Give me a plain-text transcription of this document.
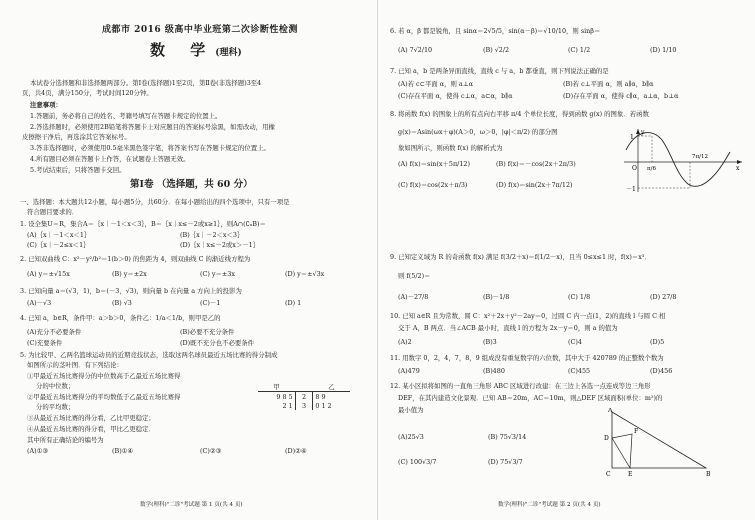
成都市 2016 级高中毕业班第二次诊断性检测
数 学(理科)
本试卷分选择题和非选择题两部分。第Ⅰ卷(选择题)1至2页，第Ⅱ卷(非选择题)3至4
页，共4页，满分150分，考试时间120分钟。
注意事项：
1.答题前，务必将自己的姓名、考籍号填写在答题卡规定的位置上。
2.答选择题时，必须使用2B铅笔将答题卡上对应题目的答案标号涂黑，如需改动，用橡
皮擦擦干净后，再选涂其它答案标号。
3.答非选择题时，必须使用0.5毫米黑色签字笔，将答案书写在答题卡规定的位置上。
4.所有题目必须在答题卡上作答，在试题卷上答题无效。
5.考试结束后，只将答题卡交回。
第Ⅰ卷 （选择题，共 60 分）
一、选择题：本大题共12小题，每小题5分，共60分．在每小题给出的四个选项中，只有一项是
符合题目要求的．
1. 设全集U＝R，集合A＝｛x｜－1＜x＜3｝，B＝｛x｜x≤－2或x≥1｝，则A∩(∁ᵤB)＝
(A)｛x｜－1＜x＜1｝	(B)｛x｜－2＜x＜3｝
(C)｛x｜－2≤x＜1｝	(D)｛x｜x≤－2或x＞－1｝
2. 已知双曲线 C：x²－y²/b²＝1(b＞0) 的焦距为 4，则双曲线 C 的渐近线方程为
(A) y＝±√15x	(B) y＝±2x	(C) y＝±3x	(D) y＝±√3x
3. 已知向量 a＝(√3，1)，b＝(－3，√3)，则向量 b 在向量 a 方向上的投影为
(A)－√3	(B) √3	(C)－1	(D) 1
4. 已知 a，b∈R，条件甲：a＞b＞0，条件乙：1/a＜1/b，则甲是乙的
(A)充分不必要条件	(B)必要不充分条件
(C)充要条件	(D)既不充分也不必要条件
5. 为比较甲、乙两名篮球运动员的近期竞技状态，选取这两名球员最近五场比赛的得分制成
如图所示的茎叶图．有下列结论：
①甲最近五场比赛得分的中位数高于乙最近五场比赛得
分的中位数；
②甲最近五场比赛得分的平均数低于乙最近五场比赛得
分的平均数；
③从最近五场比赛的得分看，乙比甲更稳定；
④从最近五场比赛的得分看，甲比乙更稳定．
其中所有正确结论的编号为
甲		乙
9 8 5	2	8 9
2 1	3	0 1 2
(A)①③	(B)①④	(C)②③	(D)②④
数学(理科)"二诊"考试题 第 1 页(共 4 页)
6. 若 α，β 都是锐角，且 sinα＝2√5/5，sin(α－β)＝√10/10，则 sinβ＝
(A) 7√2/10	(B) √2/2	(C) 1/2	(D) 1/10
7. 已知 a，b 是两条异面直线，直线 c 与 a，b 都垂直，则下列说法正确的是
(A)若 c⊂平面 α，则 a⊥α	(B)若 c⊥平面 α，则 a∥α，b∥α
(C)存在平面 α，使得 c⊥α，a⊂α，b∥α	(D)存在平面 α，使得 c∥α，a⊥α，b⊥α
8. 将函数 f(x) 的图象上的所有点向右平移 π/4 个单位长度，得到函数 g(x) 的图象．若函数
g(x)＝Asin(ωx＋φ)(A＞0，ω＞0，|φ|＜π/2) 的部分图
象如图所示，则函数 f(x) 的解析式为
(A) f(x)＝sin(x＋5π/12)	(B) f(x)＝－cos(2x＋2π/3)
(C) f(x)＝cos(2x＋π/3)	(D) f(x)＝sin(2x＋7π/12)
1
－1
O π/6
7π/12
x
y
9. 已知定义域为 R 的奇函数 f(x) 满足 f(3/2＋x)＝f(1/2－x)，且当 0≤x≤1 时，f(x)＝x³．
则 f(5/2)＝
(A)－27/8	(B)－1/8	(C) 1/8	(D) 27/8
10. 已知 a∈R 且为常数，圆 C：x²＋2x＋y²－2ay＝0，过圆 C 内一点(1，2)的直线 l 与圆 C 相
交于 A，B 两点．当∠ACB 最小时，直线 l 的方程为 2x－y＝0，则 a 的值为
(A)2	(B)3	(C)4	(D)5
11. 用数字 0，2，4，7，8，9 组成没有重复数字的六位数，其中大于 420789 的正整数个数为
(A)479	(B)480	(C)455	(D)456
12. 某小区拟将如图的一直角三角形 ABC 区域进行改建：在三边上各选一点连成等边三角形
DEF，在其内建造文化景观．已知 AB＝20m，AC＝10m，则△DEF 区域面积(单位：m²)的
最小值为
(A)25√3	(B) 75√3/14
(C) 100√3/7	(D) 75√3/7
A
B
C
D
E
F
数学(理科)"二诊"考试题 第 2 页(共 4 页)
